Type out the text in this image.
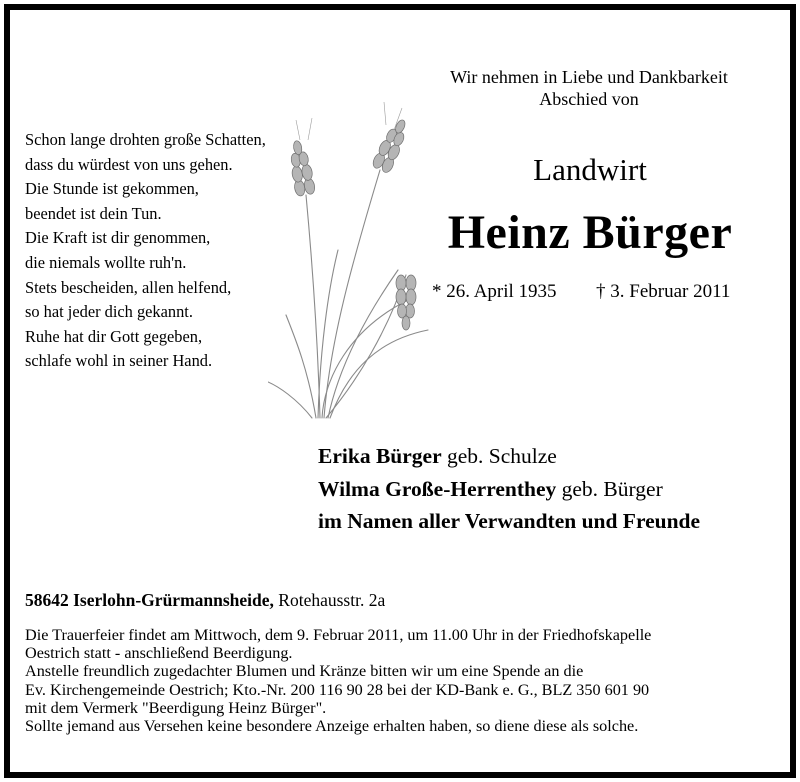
Wir nehmen in Liebe und Dankbarkeit
Abschied von
Schon lange drohten große Schatten,
dass du würdest von uns gehen.
Die Stunde ist gekommen,
beendet ist dein Tun.
Die Kraft ist dir genommen,
die niemals wollte ruh'n.
Stets bescheiden, allen helfend,
so hat jeder dich gekannt.
Ruhe hat dir Gott gegeben,
schlafe wohl in seiner Hand.
Landwirt
Heinz Bürger
* 26. April 1935 † 3. Februar 2011
Erika Bürger geb. Schulze
Wilma Große-Herrenthey geb. Bürger
im Namen aller Verwandten und Freunde
58642 Iserlohn-Grürmannsheide, Rotehausstr. 2a
Die Trauerfeier findet am Mittwoch, dem 9. Februar 2011, um 11.00 Uhr in der Friedhofskapelle
Oestrich statt - anschließend Beerdigung.
Anstelle freundlich zugedachter Blumen und Kränze bitten wir um eine Spende an die
Ev. Kirchengemeinde Oestrich; Kto.-Nr. 200 116 90 28 bei der KD-Bank e. G., BLZ 350 601 90
mit dem Vermerk "Beerdigung Heinz Bürger".
Sollte jemand aus Versehen keine besondere Anzeige erhalten haben, so diene diese als solche.
